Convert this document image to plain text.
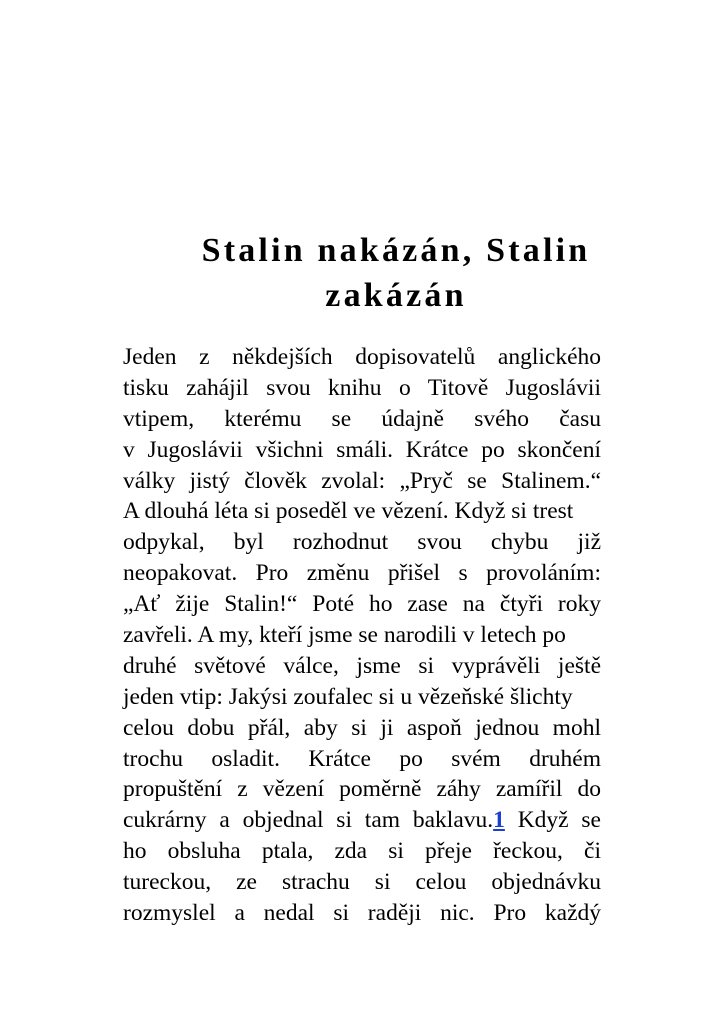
Stalin nakázán, Stalin
zakázán
Jeden z někdejších dopisovatelů anglického
tisku zahájil svou knihu o Titově Jugoslávii
vtipem, kterému se údajně svého času
v Jugoslávii všichni smáli. Krátce po skončení
války jistý člověk zvolal: „Pryč se Stalinem.“
A dlouhá léta si poseděl ve vězení. Když si trest
odpykal, byl rozhodnut svou chybu již
neopakovat. Pro změnu přišel s provoláním:
„Ať žije Stalin!“ Poté ho zase na čtyři roky
zavřeli. A my, kteří jsme se narodili v letech po
druhé světové válce, jsme si vyprávěli ještě
jeden vtip: Jakýsi zoufalec si u vězeňské šlichty
celou dobu přál, aby si ji aspoň jednou mohl
trochu osladit. Krátce po svém druhém
propuštění z vězení poměrně záhy zamířil do
cukrárny a objednal si tam baklavu.1 Když se
ho obsluha ptala, zda si přeje řeckou, či
tureckou, ze strachu si celou objednávku
rozmyslel a nedal si raději nic. Pro každý
